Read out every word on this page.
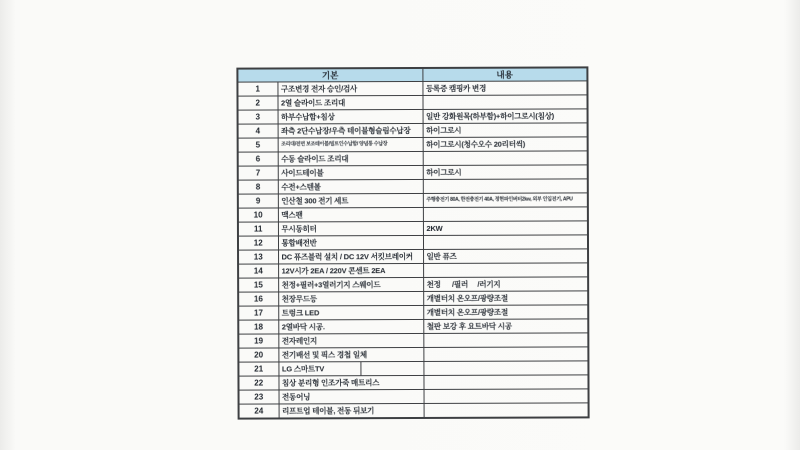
기본		내용
1	구조변경 전자 승인/검사	등록증 캠핑카 변경
2	2열 슬라이드 조리대	
3	하부수납함+침상	일반 강화원목(하부함)+하이그로시(침상)
4	좌측 2단수납장/우측 테이블형슬림수납장	하이그로시
5	조리대/전면 보조테이블/빌트인수납함/ 양념통 수납장	하이그로시(청수오수 20리터씩)
6	수동 슬라이드 조리대	
7	사이드테이블	하이그로시
8	수전+스텐볼	
9	인산철 300 전기 세트	주행충전기 80A, 한전충전기 40A, 정현파인버터2kw, 외부 인입전기, APU
10	맥스팬	
11	무시동히터	2KW
12	통합배전반	
13	DC 퓨즈블럭 설치 / DC 12V 서킷브레이커	일반 퓨즈
14	12V시가 2EA / 220V 콘센트 2EA	
15	천정+필러+3열러기지 스웨이드	천정      /필러     /러기지
16	천장무드등	개별터치 온오프/광량조절
17	트렁크 LED	개별터치 온오프/광량조절
18	2열바닥 시공.	철판 보강 후 요트바닥 시공
19	전자레인지	
20	전기배선 및 픽스 경첩 일체	
21	LG 스마트TV	
22	침상 분리형 인조가죽 매트리스	
23	전동어닝	
24	리프트업 테이블, 전동 뒤보기	
